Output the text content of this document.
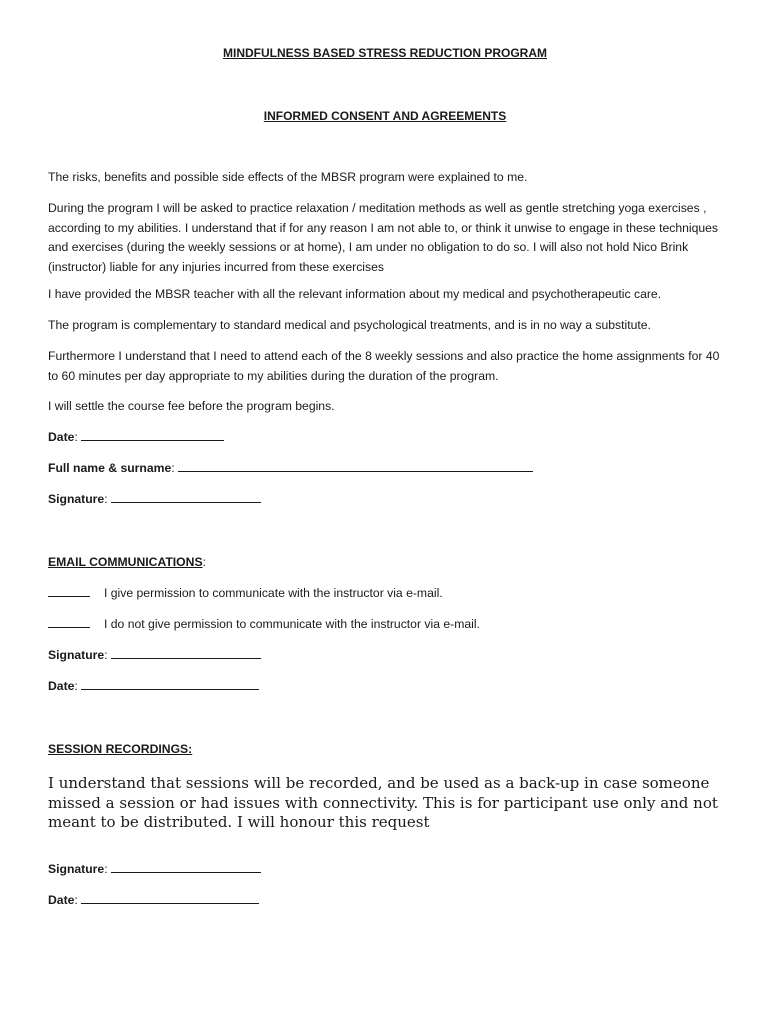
MINDFULNESS BASED STRESS REDUCTION PROGRAM
INFORMED CONSENT AND AGREEMENTS
The risks, benefits and possible side effects of the MBSR program were explained to me.
During the program I will be asked to practice relaxation / meditation methods as well as gentle stretching yoga exercises , according to my abilities. I understand that if for any reason I am not able to, or think it unwise to engage in these techniques and exercises (during the weekly sessions or at home), I am under no obligation to do so. I will also not hold Nico Brink (instructor) liable for any injuries incurred from these exercises
I have provided the MBSR teacher with all the relevant information about my medical and psychotherapeutic care.
The program is complementary to standard medical and psychological treatments, and is in no way a substitute.
Furthermore I understand that I need to attend each of the 8 weekly sessions and also practice the home assignments for 40 to 60 minutes per day appropriate to my abilities during the duration of the program.
I will settle the course fee before the program begins.
Date:
Full name & surname:
Signature:
EMAIL COMMUNICATIONS:
I give permission to communicate with the instructor via e-mail.
I do not give permission to communicate with the instructor via e-mail.
Signature:
Date:
SESSION RECORDINGS:
I understand that sessions will be recorded, and be used as a back-up in case someone missed a session or had issues with connectivity. This is for participant use only and not meant to be distributed. I will honour this request
Signature:
Date:
